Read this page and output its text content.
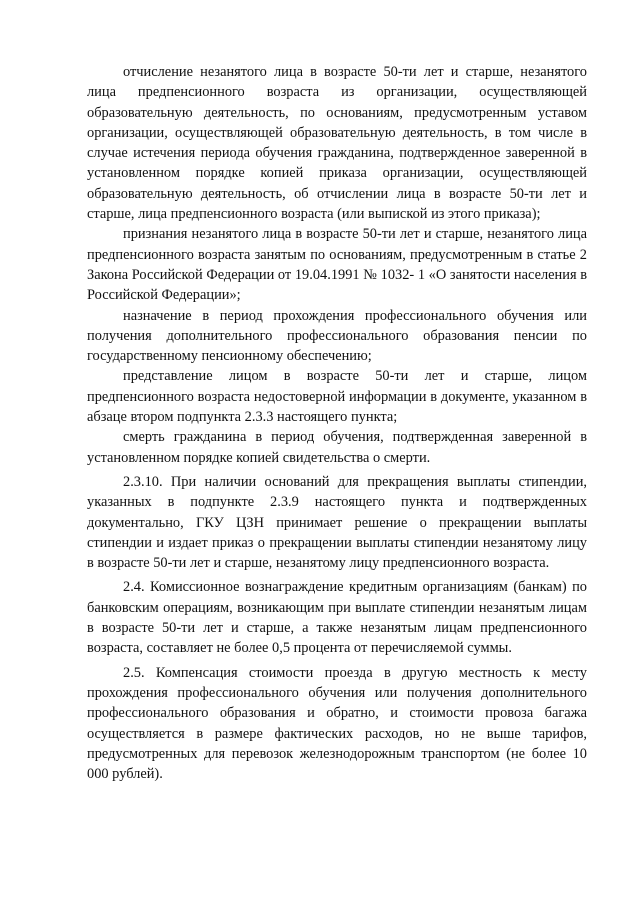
отчисление незанятого лица в возрасте 50-ти лет и старше, незанятого лица предпенсионного возраста из организации, осуществляющей образовательную деятельность, по основаниям, предусмотренным уставом организации, осуществляющей образовательную деятельность, в том числе в случае истечения периода обучения гражданина, подтвержденное заверенной в установленном порядке копией приказа организации, осуществляющей образовательную деятельность, об отчислении лица в возрасте 50-ти лет и старше, лица предпенсионного возраста (или выпиской из этого приказа);

признания незанятого лица в возрасте 50-ти лет и старше, незанятого лица предпенсионного возраста занятым по основаниям, предусмотренным в статье 2 Закона Российской Федерации от 19.04.1991 № 1032- 1 «О занятости населения в Российской Федерации»;

назначение в период прохождения профессионального обучения или получения дополнительного профессионального образования пенсии по государственному пенсионному обеспечению;

представление лицом в возрасте 50-ти лет и старше, лицом предпенсионного возраста недостоверной информации в документе, указанном в абзаце втором подпункта 2.3.3 настоящего пункта;

смерть гражданина в период обучения, подтвержденная заверенной в установленном порядке копией свидетельства о смерти.

2.3.10. При наличии оснований для прекращения выплаты стипендии, указанных в подпункте 2.3.9 настоящего пункта и подтвержденных документально, ГКУ ЦЗН принимает решение о прекращении выплаты стипендии и издает приказ о прекращении выплаты стипендии незанятому лицу в возрасте 50-ти лет и старше, незанятому лицу предпенсионного возраста.

2.4. Комиссионное вознаграждение кредитным организациям (банкам) по банковским операциям, возникающим при выплате стипендии незанятым лицам в возрасте 50-ти лет и старше, а также незанятым лицам предпенсионного возраста, составляет не более 0,5 процента от перечисляемой суммы.

2.5. Компенсация стоимости проезда в другую местность к месту прохождения профессионального обучения или получения дополнительного профессионального образования и обратно, и стоимости провоза багажа осуществляется в размере фактических расходов, но не выше тарифов, предусмотренных для перевозок железнодорожным транспортом (не более 10 000 рублей).
